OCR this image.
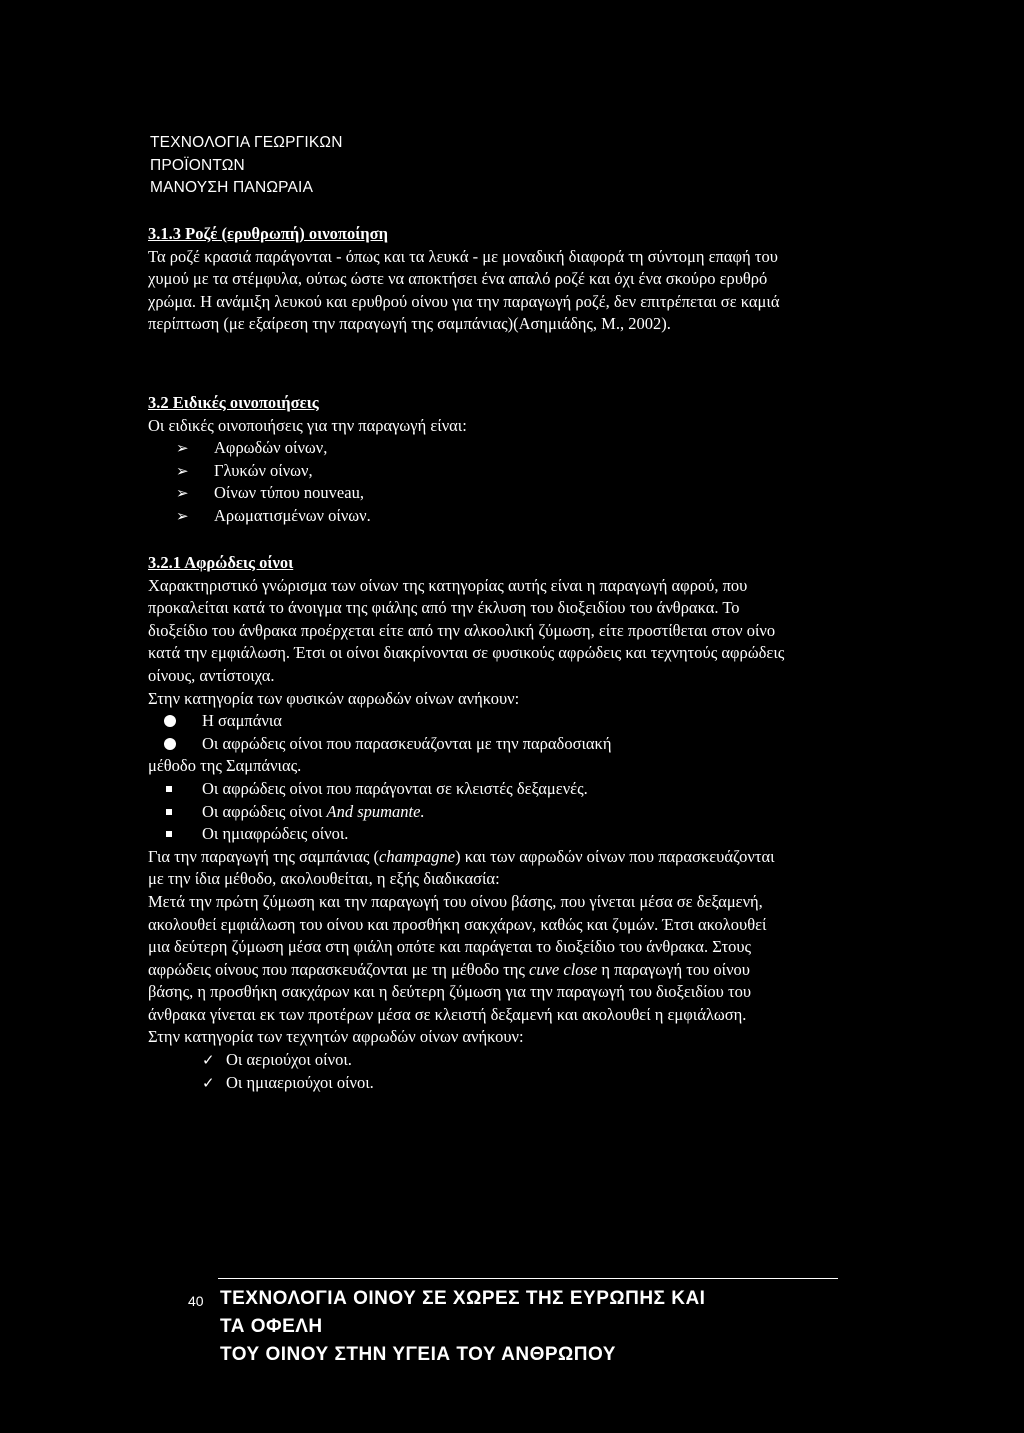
ΤΕΧΝΟΛΟΓΙΑ ΓΕΩΡΓΙΚΩΝ
ΠΡΟΪΟΝΤΩΝ
ΜΑΝΟΥΣΗ ΠΑΝΩΡΑΙΑ
3.1.3 Ροζέ (ερυθρωπή) οινοποίηση

Τα ροζέ κρασιά παράγονται - όπως και τα λευκά - με μοναδική διαφορά τη σύντομη επαφή του χυμού με τα στέμφυλα, ούτως ώστε να αποκτήσει ένα απαλό ροζέ και όχι ένα σκούρο ερυθρό χρώμα. Η ανάμιξη λευκού και ερυθρού οίνου για την παραγωγή ροζέ, δεν επιτρέπεται σε καμιά περίπτωση (με εξαίρεση την παραγωγή της σαμπάνιας)(Ασημιάδης, Μ., 2002).

3.2 Ειδικές οινοποιήσεις

Οι ειδικές οινοποιήσεις για την παραγωγή είναι:

➢ Αφρωδών οίνων,
➢ Γλυκών οίνων,
➢ Οίνων τύπου nouveau,
➢ Αρωματισμένων οίνων.
3.2.1 Αφρώδεις οίνοι

Χαρακτηριστικό γνώρισμα των οίνων της κατηγορίας αυτής είναι η παραγωγή αφρού, που προκαλείται κατά το άνοιγμα της φιάλης από την έκλυση του διοξειδίου του άνθρακα. Το διοξείδιο του άνθρακα προέρχεται είτε από την αλκοολική ζύμωση, είτε προστίθεται στον οίνο κατά την εμφιάλωση. Έτσι οι οίνοι διακρίνονται σε φυσικούς αφρώδεις και τεχνητούς αφρώδεις οίνους, αντίστοιχα.

Στην κατηγορία των φυσικών αφρωδών οίνων ανήκουν:

Η σαμπάνια
Οι αφρώδεις οίνοι που παρασκευάζονται με την παραδοσιακή

μέθοδο της Σαμπάνιας.

Οι αφρώδεις οίνοι που παράγονται σε κλειστές δεξαμενές.
Οι αφρώδεις οίνοι And spumante.
Οι ημιαφρώδεις οίνοι.

Για την παραγωγή της σαμπάνιας (champagne) και των αφρωδών οίνων που παρασκευάζονται με την ίδια μέθοδο, ακολουθείται, η εξής διαδικασία:

Μετά την πρώτη ζύμωση και την παραγωγή του οίνου βάσης, που γίνεται μέσα σε δεξαμενή, ακολουθεί εμφιάλωση του οίνου και προσθήκη σακχάρων, καθώς και ζυμών. Έτσι ακολουθεί μια δεύτερη ζύμωση μέσα στη φιάλη οπότε και παράγεται το διοξείδιο του άνθρακα. Στους αφρώδεις οίνους που παρασκευάζονται με τη μέθοδο της cuve close η παραγωγή του οίνου βάσης, η προσθήκη σακχάρων και η δεύτερη ζύμωση για την παραγωγή του διοξειδίου του άνθρακα γίνεται εκ των προτέρων μέσα σε κλειστή δεξαμενή και ακολουθεί η εμφιάλωση.

Στην κατηγορία των τεχνητών αφρωδών οίνων ανήκουν:

✓ Οι αεριούχοι οίνοι.
✓ Οι ημιαεριούχοι οίνοι.
40 ΤΕΧΝΟΛΟΓΙΑ ΟΙΝΟΥ ΣΕ ΧΩΡΕΣ ΤΗΣ ΕΥΡΩΠΗΣ ΚΑΙ
ΤΑ ΟΦΕΛΗ
ΤΟΥ ΟΙΝΟΥ ΣΤΗΝ ΥΓΕΙΑ ΤΟΥ ΑΝΘΡΩΠΟΥ
